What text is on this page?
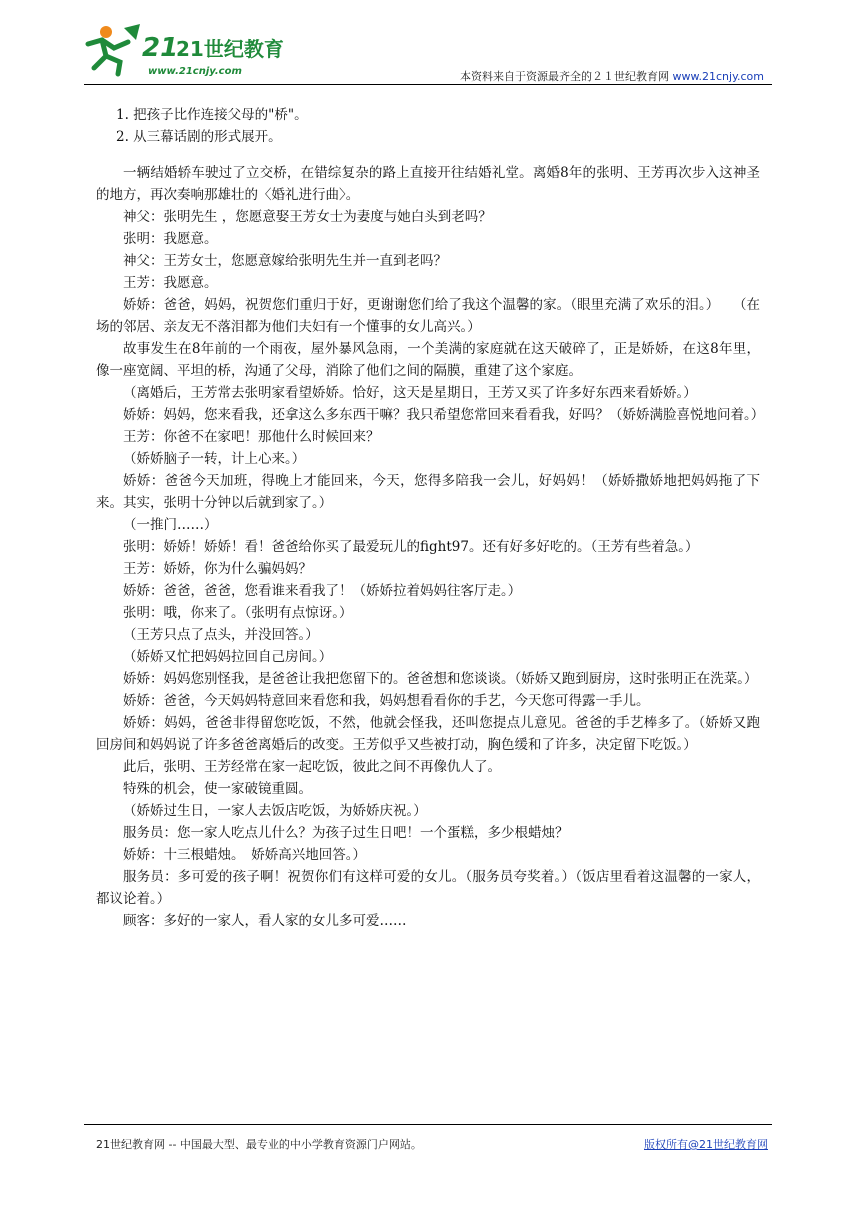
21
21世纪教育
www.21cnjy.com	本资料来自于资源最齐全的２１世纪教育网 www.21cnjy.com
1. 把孩子比作连接父母的"桥"。
2. 从三幕话剧的形式展开。

一辆结婚轿车驶过了立交桥，在错综复杂的路上直接开往结婚礼堂。离婚8年的张明、王芳再次步入这神圣的地方，再次奏响那雄壮的〈婚礼进行曲〉。

神父：张明先生 ，您愿意娶王芳女士为妻度与她白头到老吗？

张明：我愿意。

神父：王芳女士，您愿意嫁给张明先生并一直到老吗？

王芳：我愿意。

娇娇：爸爸，妈妈，祝贺您们重归于好，更谢谢您们给了我这个温馨的家。（眼里充满了欢乐的泪。）　　（在场的邻居、亲友无不落泪都为他们夫妇有一个懂事的女儿高兴。）

故事发生在8年前的一个雨夜，屋外暴风急雨，一个美满的家庭就在这天破碎了，正是娇娇，在这8年里，像一座宽阔、平坦的桥，沟通了父母，消除了他们之间的隔膜，重建了这个家庭。

（离婚后，王芳常去张明家看望娇娇。恰好，这天是星期日，王芳又买了许多好东西来看娇娇。）

娇娇：妈妈，您来看我，还拿这么多东西干嘛？我只希望您常回来看看我，好吗？（娇娇满脸喜悦地问着。）

王芳：你爸不在家吧！那他什么时候回来？

（娇娇脑子一转，计上心来。）

娇娇：爸爸今天加班，得晚上才能回来，今天，您得多陪我一会儿，好妈妈！（娇娇撒娇地把妈妈拖了下来。其实，张明十分钟以后就到家了。）

（一推门……）

张明：娇娇！娇娇！看！爸爸给你买了最爱玩儿的fight97。还有好多好吃的。（王芳有些着急。）

王芳：娇娇，你为什么骗妈妈？

娇娇：爸爸，爸爸，您看谁来看我了！（娇娇拉着妈妈往客厅走。）

张明：哦，你来了。（张明有点惊讶。）

（王芳只点了点头，并没回答。）

（娇娇又忙把妈妈拉回自己房间。）

娇娇：妈妈您别怪我，是爸爸让我把您留下的。爸爸想和您谈谈。（娇娇又跑到厨房，这时张明正在洗菜。）

娇娇：爸爸，今天妈妈特意回来看您和我，妈妈想看看你的手艺，今天您可得露一手儿。

娇娇：妈妈，爸爸非得留您吃饭，不然，他就会怪我，还叫您提点儿意见。爸爸的手艺棒多了。（娇娇又跑回房间和妈妈说了许多爸爸离婚后的改变。王芳似乎又些被打动，胸色缓和了许多，决定留下吃饭。）

此后，张明、王芳经常在家一起吃饭，彼此之间不再像仇人了。

特殊的机会，使一家破镜重圆。

（娇娇过生日，一家人去饭店吃饭，为娇娇庆祝。）

服务员：您一家人吃点儿什么？为孩子过生日吧！一个蛋糕，多少根蜡烛？

娇娇：十三根蜡烛。　娇娇高兴地回答。）

服务员：多可爱的孩子啊！祝贺你们有这样可爱的女儿。（服务员夸奖着。）（饭店里看着这温馨的一家人，都议论着。）

顾客：多好的一家人，看人家的女儿多可爱……

21世纪教育网 -- 中国最大型、最专业的中小学教育资源门户网站。	版权所有@21世纪教育网
